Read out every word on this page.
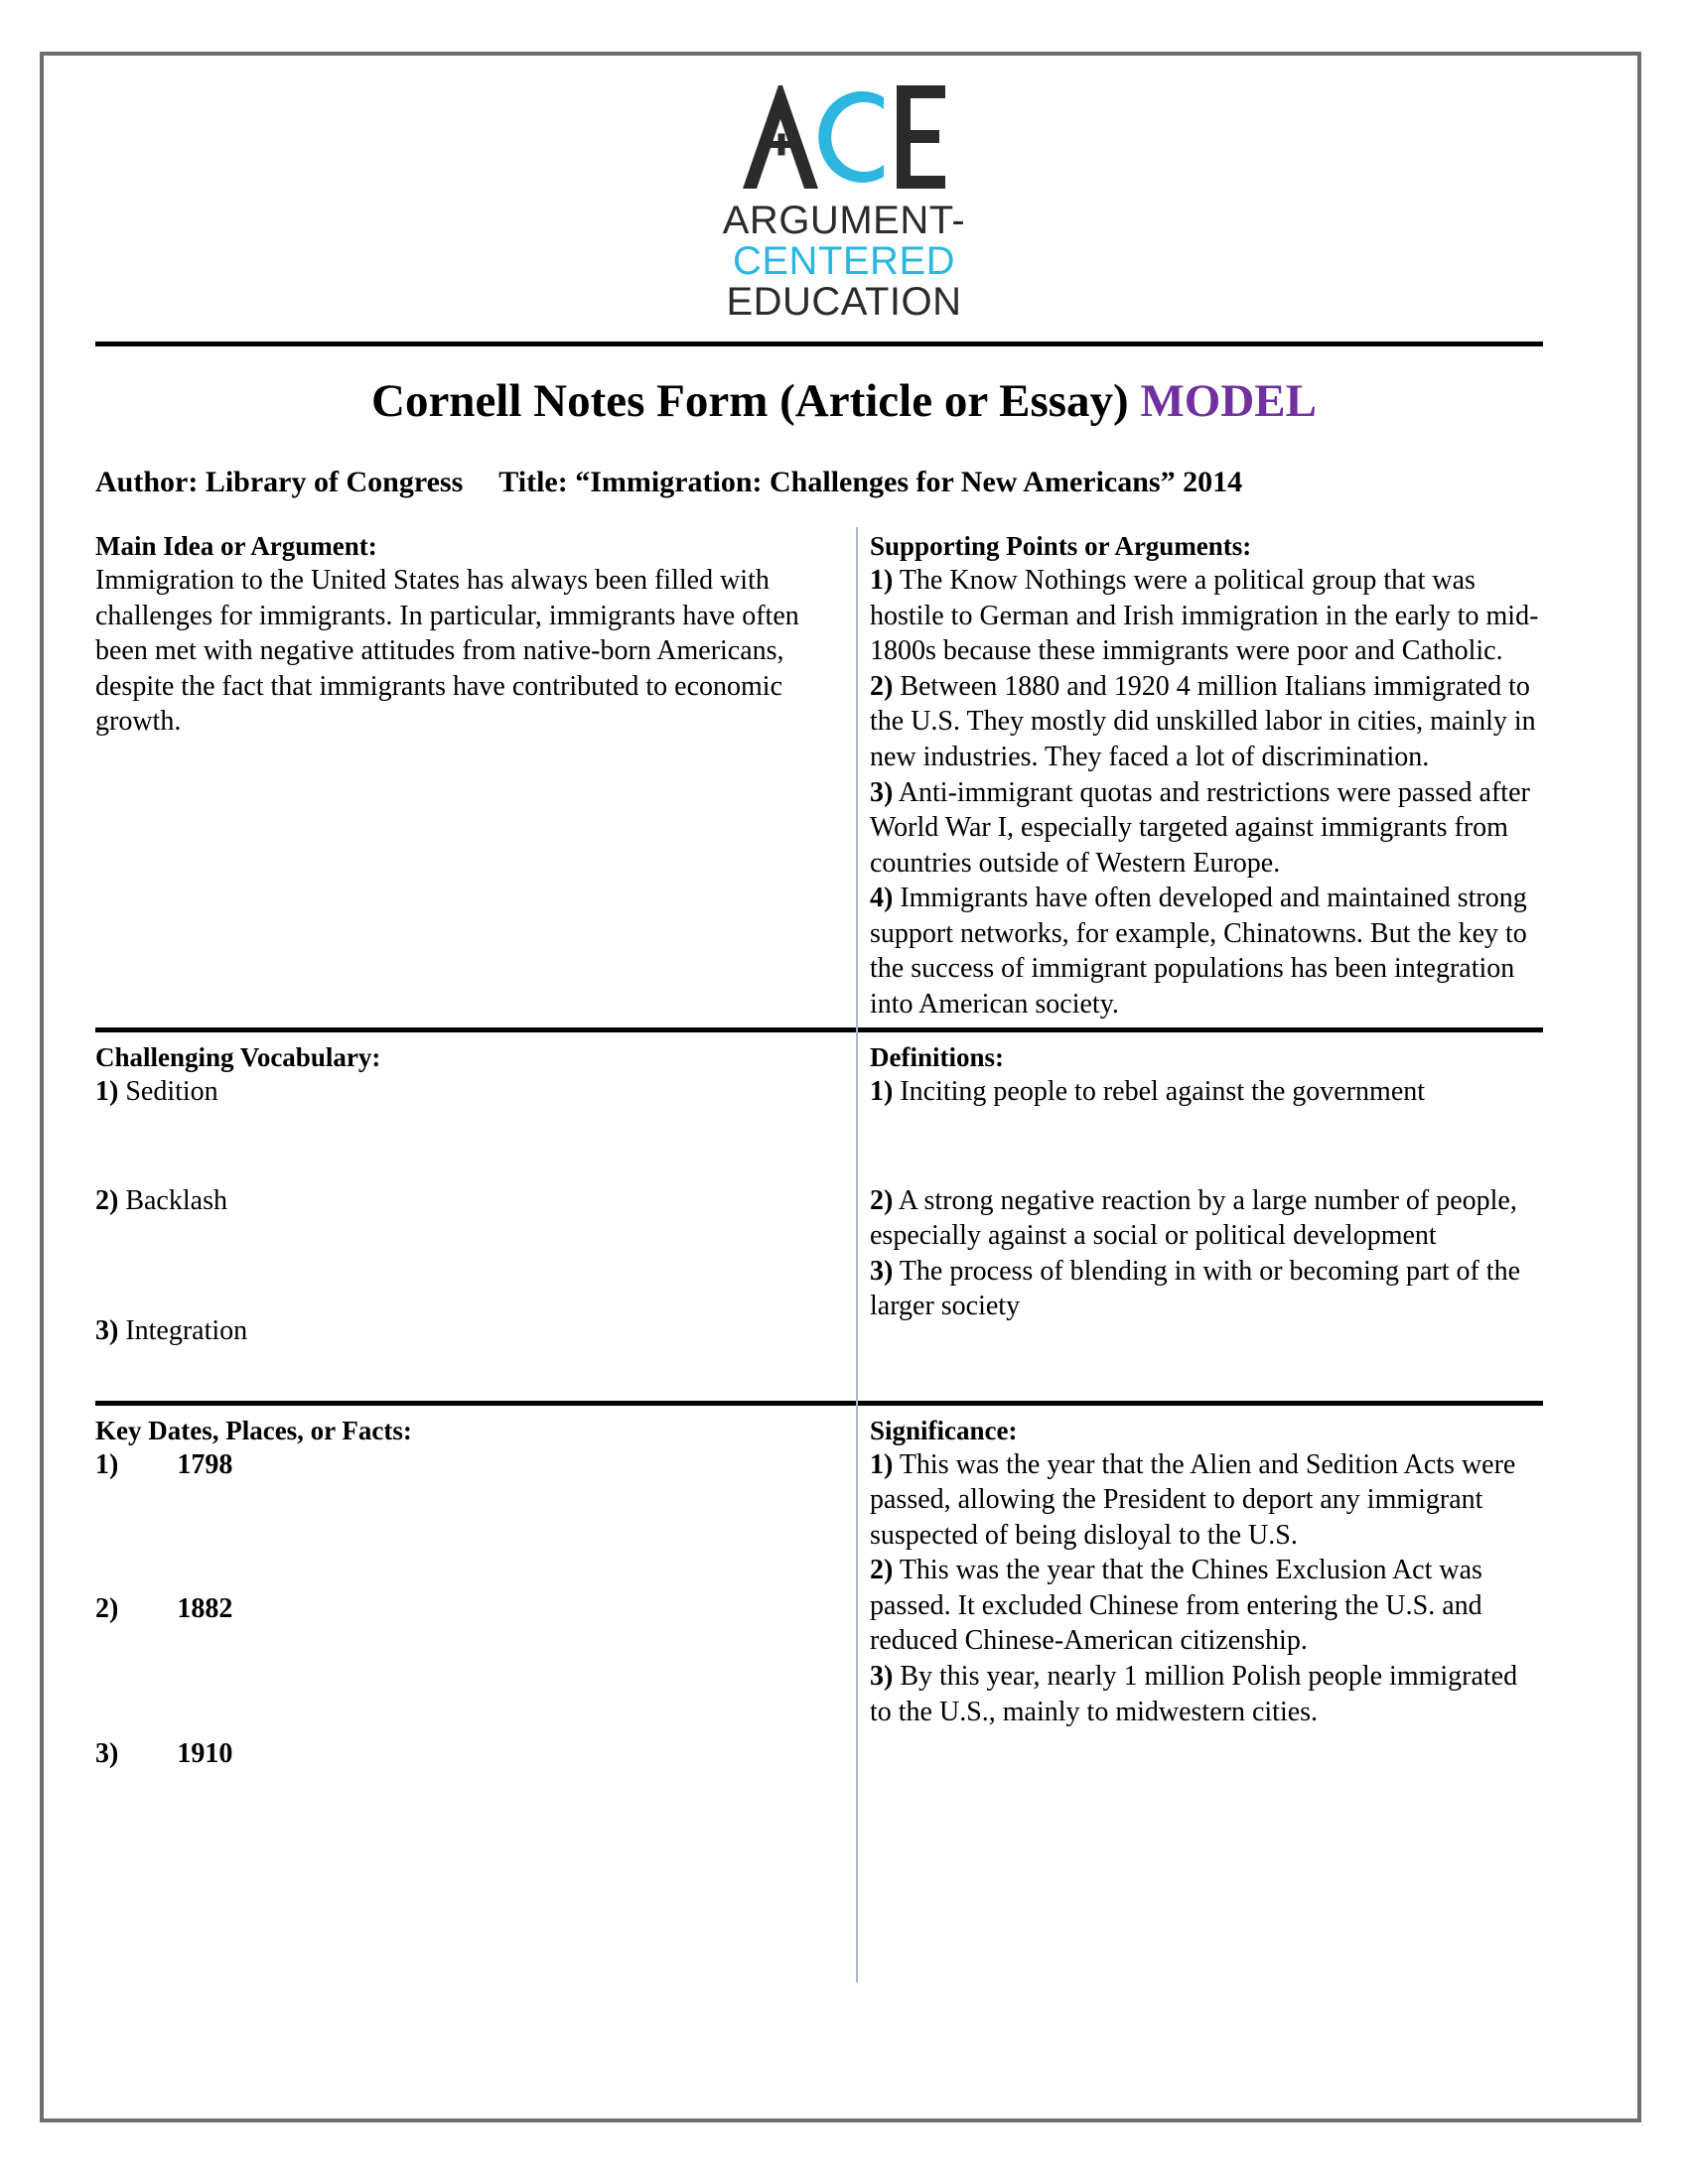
ARGUMENT-
CENTERED
EDUCATION
Cornell Notes Form (Article or Essay) MODEL
Author: Library of Congress Title: “Immigration: Challenges for New Americans” 2014
Main Idea or Argument:
Immigration to the United States has always been filled with challenges for immigrants. In particular, immigrants have often been met with negative attitudes from native-born Americans, despite the fact that immigrants have contributed to economic growth.
Supporting Points or Arguments:
1) The Know Nothings were a political group that was hostile to German and Irish immigration in the early to mid-1800s because these immigrants were poor and Catholic.
2) Between 1880 and 1920 4 million Italians immigrated to the U.S. They mostly did unskilled labor in cities, mainly in new industries. They faced a lot of discrimination.
3) Anti-immigrant quotas and restrictions were passed after World War I, especially targeted against immigrants from countries outside of Western Europe.
4) Immigrants have often developed and maintained strong support networks, for example, Chinatowns. But the key to the success of immigrant populations has been integration into American society.
Challenging Vocabulary:
1) Sedition
2) Backlash
3) Integration
Definitions:
1) Inciting people to rebel against the government
2) A strong negative reaction by a large number of people, especially against a social or political development
3) The process of blending in with or becoming part of the larger society
Key Dates, Places, or Facts:
1) 1798
2) 1882
3) 1910
Significance:
1) This was the year that the Alien and Sedition Acts were passed, allowing the President to deport any immigrant suspected of being disloyal to the U.S.
2) This was the year that the Chines Exclusion Act was passed. It excluded Chinese from entering the U.S. and reduced Chinese-American citizenship.
3) By this year, nearly 1 million Polish people immigrated to the U.S., mainly to midwestern cities.
